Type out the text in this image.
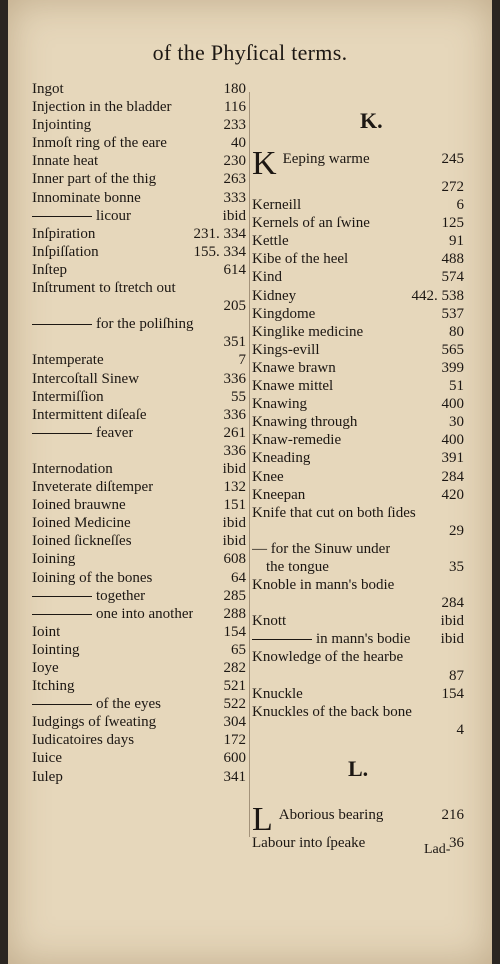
of the Phyſical terms.
Ingot	180
Injection in the bladder	116
Injointing	233
Inmoſt ring of the eare	40
Innate heat	230
Inner part of the thig	263
Innominate bonne	333
licour	ibid
Inſpiration	231. 334
Inſpiſſation	155. 334
Inſtep	614
Inſtrument to ſtretch out
205
for the poliſhing
351
Intemperate	7
Intercoſtall Sinew	336
Intermiſſion	55
Intermittent diſeaſe	336
feaver	261
336
Internodation	ibid
Inveterate diſtemper	132
Ioined brauwne	151
Ioined Medicine	ibid
Ioined ſickneſſes	ibid
Ioining	608
Ioining of the bones	64
together	285
one into another 288
Ioint	154
Iointing	65
Ioye	282
Itching	521
of the eyes	522
Iudgings of ſweating	304
Iudicatoires days	172
Iuice	600
Iulep	341
K.
K Eeping warme	245
272
Kerneill	6
Kernels of an ſwine	125
Kettle	91
Kibe of the heel	488
Kind	574
Kidney	442. 538
Kingdome	537
Kinglike medicine	80
Kings-evill	565
Knawe brawn	399
Knawe mittel	51
Knawing	400
Knawing through	30
Knaw-remedie	400
Kneading	391
Knee	284
Kneepan	420
Knife that cut on both ſides
29
— for the Sinuw under
the tongue	35
Knoble in mann's bodie
284
Knott	ibid
in mann's bodie ibid
Knowledge of the hearbe
87
Knuckle	154
Knuckles of the back bone
4
L.
L Aborious bearing	216
Labour into ſpeake	36
Lad-
